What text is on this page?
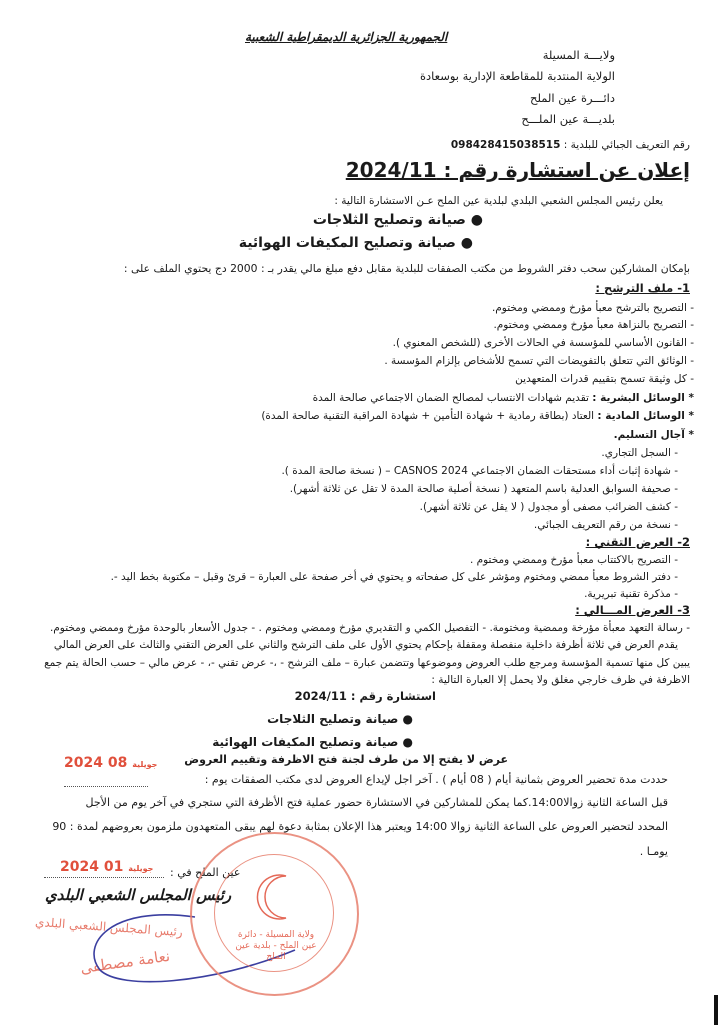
الجمهورية الجزائرية الديمقراطية الشعبية
ولايـــة المسيلة
الولاية المنتدبة للمقاطعة الإدارية بوسعادة
دائـــرة عين الملح
بلديـــة عين الملـــح
رقم التعريف الجبائي للبلدية : 098428415038515
إعلان عن استشارة رقم : 2024/11
يعلن رئيس المجلس الشعبي البلدي لبلدية عين الملح عـن الاستشارة التالية :
● صيانة وتصليح الثلاجات
● صيانة وتصليح المكيفات الهوائية
بإمكان المشاركين سحب دفتر الشروط من مكتب الصفقات للبلدية مقابل دفع مبلغ مالي يقدر بـ : 2000 دج يحتوي الملف على :
1- ملف الترشح :
- التصريح بالترشح معبأ مؤرخ وممضي ومختوم.
- التصريح بالنزاهة معبأ مؤرخ وممضي ومختوم.
- القانون الأساسي للمؤسسة في الحالات الأخرى (للشخص المعنوي ).
- الوثائق التي تتعلق بالتفويضات التي تسمح للأشخاص بإلزام المؤسسة .
- كل وثيقة تسمح بتقييم قدرات المتعهدين
* الوسائل البشرية : تقديم شهادات الانتساب لمصالح الضمان الاجتماعي صالحة المدة
* الوسائل المادية : العتاد (بطاقة رمادية + شهادة التأمين + شهادة المراقبة التقنية صالحة المدة)
* آجال التسليم.
- السجل التجاري.
- شهادة إثبات أداء مستحقات الضمان الاجتماعي CASNOS 2024 – ( نسخة صالحة المدة ).
- صحيفة السوابق العدلية باسم المتعهد ( نسخة أصلية صالحة المدة لا تقل عن ثلاثة أشهر).
- كشف الضرائب مصفى أو مجدول ( لا يقل عن ثلاثة أشهر).
- نسخة من رقم التعريف الجبائي.
2- العرض التقني :
- التصريح بالاكتتاب معبأ مؤرخ وممضي ومختوم .
- دفتر الشروط معبأ ممضي ومختوم ومؤشر على كل صفحاته و يحتوي في أخر صفحة على العبارة – قرئ وقبل – مكتوبة بخط اليد -.
- مذكرة تقنية تبريرية.
3- العرض المـــالي :
- رسالة التعهد معبأة مؤرخة وممضية ومختومة. - التفصيل الكمي و التقديري مؤرخ وممضي ومختوم . - جدول الأسعار بالوحدة مؤرخ وممضي ومختوم.
يقدم العرض في ثلاثة أظرفة داخلية منفصلة ومقفلة بإحكام يحتوي الأول على ملف الترشح والثاني على العرض التقني والثالث على العرض المالي
يبين كل منها تسمية المؤسسة ومرجع طلب العروض وموضوعها وتتضمن عبارة – ملف الترشح - ،- عرض تقني -، - عرض مالي – حسب الحالة يتم جمع
الاظرفة في ظرف خارجي مغلق ولا يحمل إلا العبارة التالية :
استشارة رقم : 2024/11
● صيانة وتصليح الثلاجات
● صيانة وتصليح المكيفات الهوائية
عرض لا يفتح إلا من طرف لجنة فتح الاظرفة وتقييم العروض
2024	جويلية 08
حددت مدة تحضير العروض بثمانية أيام ( 08 أيام ) . آخر اجل لإيداع العروض لدى مكتب الصفقات يوم :
قبل الساعة الثانية زوالا14:00.كما يمكن للمشاركين في الاستشارة حضور عملية فتح الأظرفة التي ستجري في آخر يوم من الأجل
المحدد لتحضير العروض على الساعة الثانية زوالا 14:00 ويعتبر هذا الإعلان بمثابة دعوة لهم يبقى المتعهدون ملزمون بعروضهم لمدة : 90
يومـا .
2024	جويلية 01	عين الملح في :
رئيس المجلس الشعبي البلدي
رئيس المجلس الشعبي البلدي
نعامة مصطفى
ولاية المسيلة - دائرة عين الملح - بلدية عين الملح
